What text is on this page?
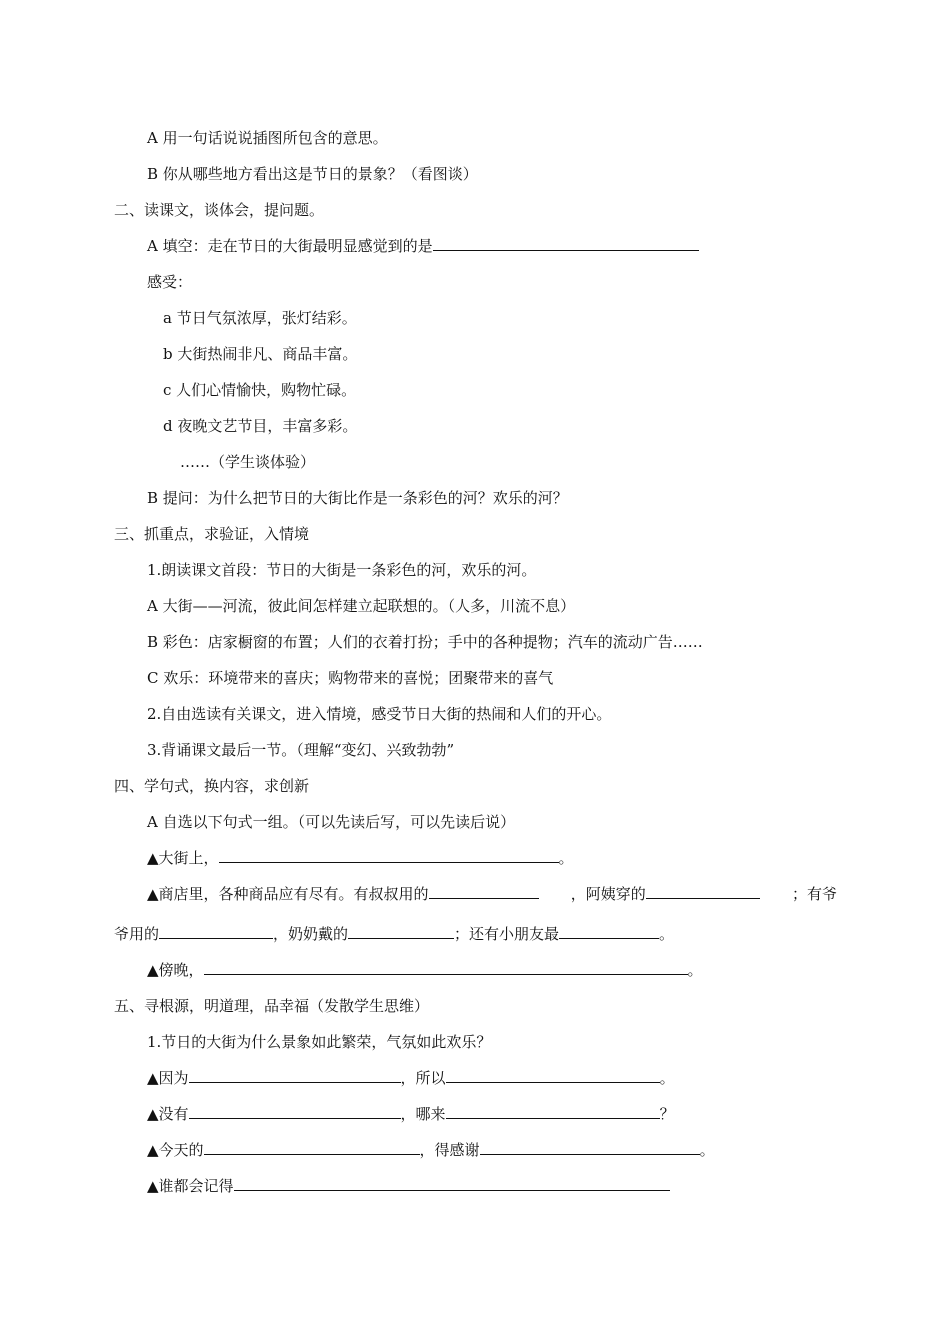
A 用一句话说说插图所包含的意思。
B 你从哪些地方看出这是节日的景象？（看图谈）
二、读课文，谈体会，提问题。
A 填空：走在节日的大街最明显感觉到的是
感受：
a 节日气氛浓厚，张灯结彩。
b 大街热闹非凡、商品丰富。
c 人们心情愉快，购物忙碌。
d 夜晚文艺节目，丰富多彩。
……（学生谈体验）
B 提问：为什么把节日的大街比作是一条彩色的河？欢乐的河？
三、抓重点，求验证，入情境
1.朗读课文首段：节日的大街是一条彩色的河，欢乐的河。
A 大街——河流，彼此间怎样建立起联想的。（人多，川流不息）
B 彩色：店家橱窗的布置；人们的衣着打扮；手中的各种提物；汽车的流动广告……
C 欢乐：环境带来的喜庆；购物带来的喜悦；团聚带来的喜气
2.自由选读有关课文，进入情境，感受节日大街的热闹和人们的开心。
3.背诵课文最后一节。（理解“变幻、兴致勃勃”
四、学句式，换内容，求创新
A 自选以下句式一组。（可以先读后写，可以先读后说）
▲大街上，	。
▲商店里，各种商品应有尽有。有叔叔用的	，阿姨穿的	；有爷
爷用的	，奶奶戴的	；还有小朋友最	。
▲傍晚，	。
五、寻根源，明道理，品幸福（发散学生思维）
1.节日的大街为什么景象如此繁荣，气氛如此欢乐？
▲因为	，所以	。
▲没有	，哪来	？
▲今天的	，得感谢	。
▲谁都会记得
